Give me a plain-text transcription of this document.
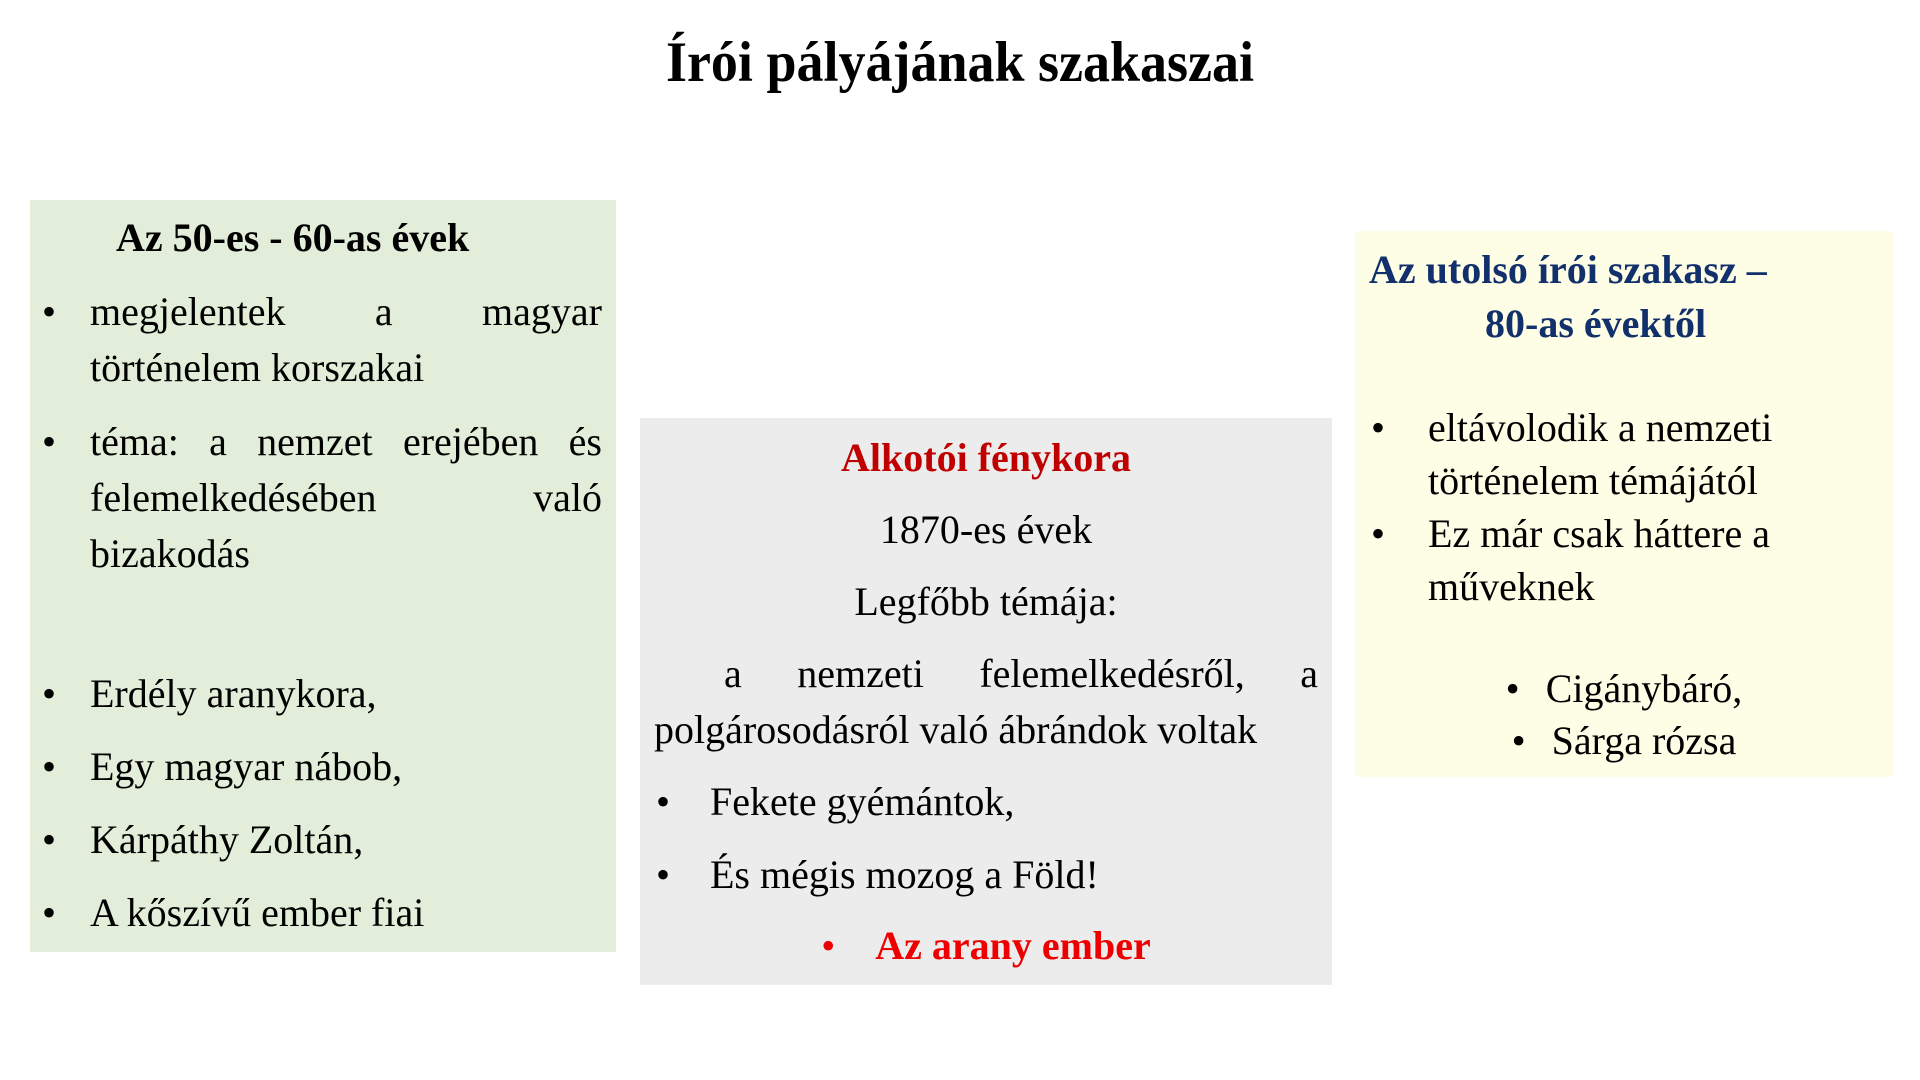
Írói pályájának szakaszai
Az 50-es - 60-as évek
• megjelentek a magyar történelem korszakai
• téma: a nemzet erejében és felemelkedésében való bizakodás
• Erdély aranykora,
• Egy magyar nábob,
• Kárpáthy Zoltán,
• A kőszívű ember fiai
Alkotói fénykora
1870-es évek
Legfőbb témája:
a nemzeti felemelkedésről, a
polgárosodásról való ábrándok voltak
• Fekete gyémántok,
• És mégis mozog a Föld!
• Az arany ember
Az utolsó írói szakasz –
80-as évektől
• eltávolodik a nemzeti történelem témájától
• Ez már csak háttere a műveknek
• Cigánybáró,
• Sárga rózsa
